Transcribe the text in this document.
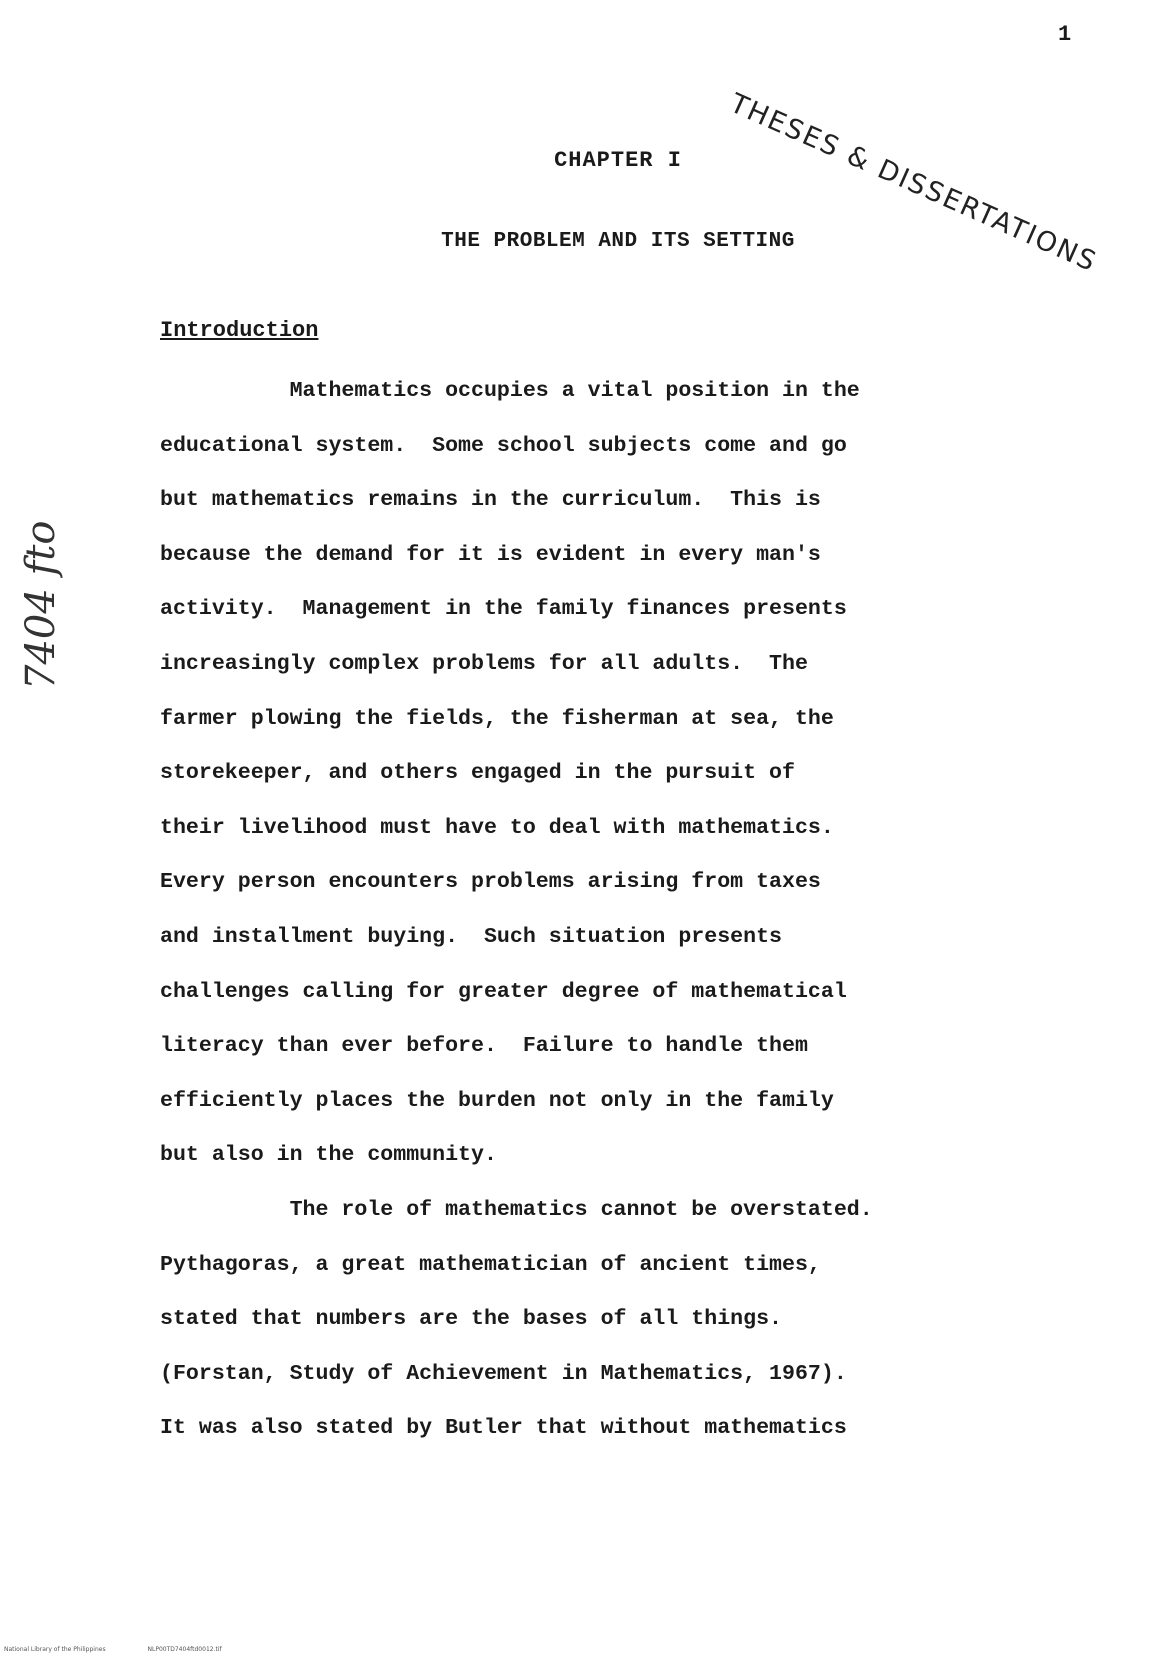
1
THESES & DISSERTATIONS
7404 fto
CHAPTER I
THE PROBLEM AND ITS SETTING
Introduction
Mathematics occupies a vital position in the
educational system.  Some school subjects come and go
but mathematics remains in the curriculum.  This is
because the demand for it is evident in every man's
activity.  Management in the family finances presents
increasingly complex problems for all adults.  The
farmer plowing the fields, the fisherman at sea, the
storekeeper, and others engaged in the pursuit of
their livelihood must have to deal with mathematics.
Every person encounters problems arising from taxes
and installment buying.  Such situation presents
challenges calling for greater degree of mathematical
literacy than ever before.  Failure to handle them
efficiently places the burden not only in the family
but also in the community.
The role of mathematics cannot be overstated.
Pythagoras, a great mathematician of ancient times,
stated that numbers are the bases of all things.
(Forstan, Study of Achievement in Mathematics, 1967).
It was also stated by Butler that without mathematics
National Library of the Philippines	NLP00TD7404ftd0012.tif
